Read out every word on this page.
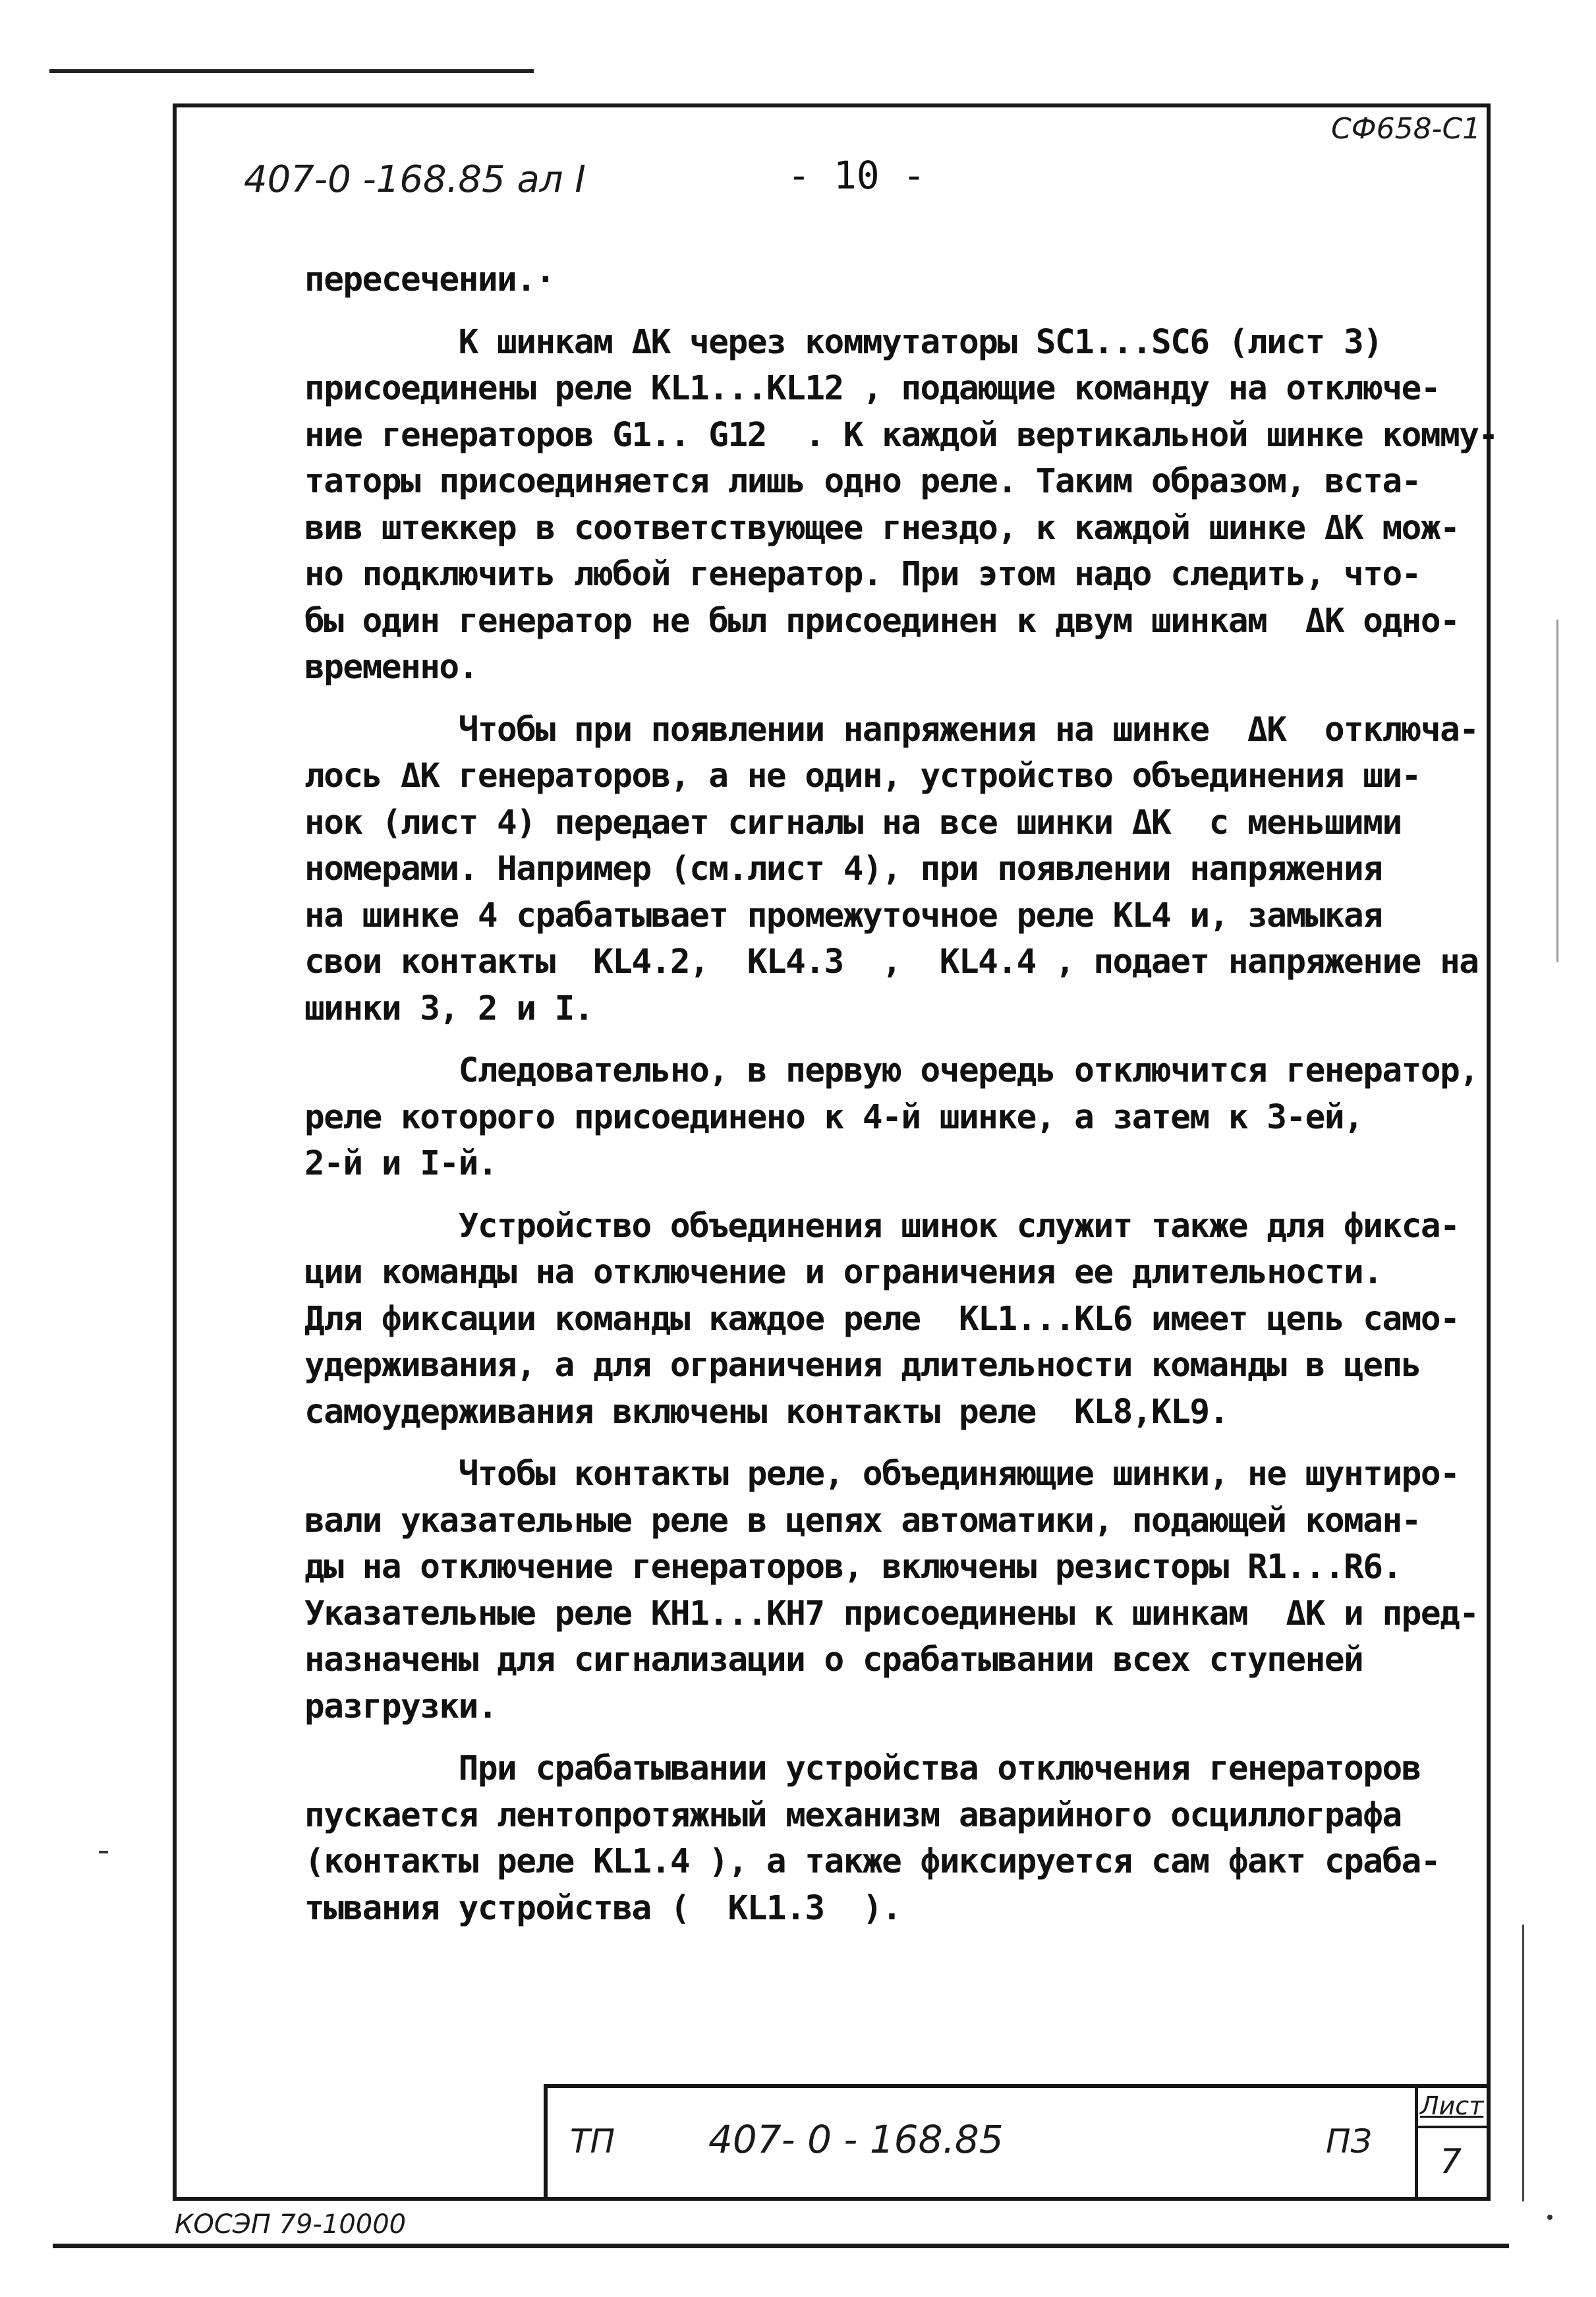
СФ658-С1
407-0 -168.85 ал I	- 10 -

пересечении.·

К шинкам ΔK через коммутаторы SC1...SC6 (лист 3)

присоединены реле KL1...KL12 , подающие команду на отключе-

ние генераторов G1.. G12  . К каждой вертикальной шинке комму-

таторы присоединяется лишь одно реле. Таким образом, вста-

вив штеккер в соответствующее гнездо, к каждой шинке ΔK мож-

но подключить любой генератор. При этом надо следить, что-

бы один генератор не был присоединен к двум шинкам  ΔK одно-

временно.

Чтобы при появлении напряжения на шинке  ΔK  отключа-

лось ΔK генераторов, а не один, устройство объединения ши-

нок (лист 4) передает сигналы на все шинки ΔK  с меньшими

номерами. Например (см.лист 4), при появлении напряжения

на шинке 4 срабатывает промежуточное реле KL4 и, замыкая

свои контакты  KL4.2,  KL4.3  ,  KL4.4 , подает напряжение на

шинки 3, 2 и I.

Следовательно, в первую очередь отключится генератор,

реле которого присоединено к 4-й шинке, а затем к 3-ей,

2-й и I-й.

Устройство объединения шинок служит также для фикса-

ции команды на отключение и ограничения ее длительности.

Для фиксации команды каждое реле  KL1...KL6 имеет цепь само-

удерживания, а для ограничения длительности команды в цепь

самоудерживания включены контакты реле  KL8,KL9.

Чтобы контакты реле, объединяющие шинки, не шунтиро-

вали указательные реле в цепях автоматики, подающей коман-

ды на отключение генераторов, включены резисторы R1...R6.

Указательные реле KH1...KH7 присоединены к шинкам  ΔK и пред-

назначены для сигнализации о срабатывании всех ступеней

разгрузки.

При срабатывании устройства отключения генераторов

пускается лентопротяжный механизм аварийного осциллографа

(контакты реле KL1.4 ), а также фиксируется сам факт сраба-

тывания устройства (  KL1.3  ).

ТП 407- 0 - 168.85	ПЗ
Лист
7
КОСЭП 79-10000
